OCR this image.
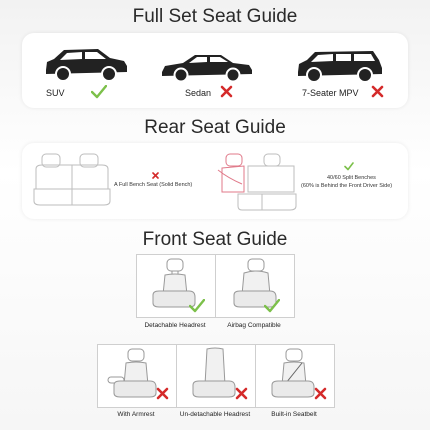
Full Set Seat Guide
SUV	Sedan	7-Seater MPV
Rear Seat Guide
A Full Bench Seat (Solid Bench)
40/60 Split Benches
(60% is Behind the Front Driver Side)
Front Seat Guide
Detachable Headrest	Airbag Compatible
With Armrest	Un-detachable Headrest	Built-in Seatbelt
